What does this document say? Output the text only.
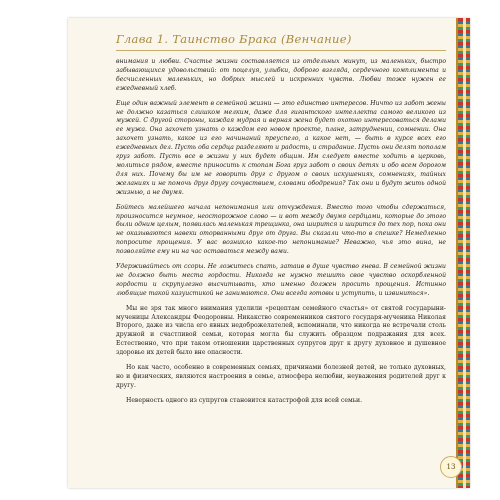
Глава 1. Таинство Брака (Венчание)

внимания и любви. Счастье жизни составляется из отдельных минут, из маленьких, быстро забывающихся удовольствий: от поцелуя, улыбки, доброго взгляда, сердечного комплимента и бесчисленных маленьких, но добрых мыслей и искренних чувств. Любви тоже нужен ее ежедневный хлеб.

Еще один важный элемент в семейной жизни — это единство интересов. Ничто из забот жены не должно казаться слишком мелким, даже для гигантского интеллекта самого великого из мужей. С другой стороны, каждая мудрая и верная жена будет охотно интересоваться делами ее мужа. Она захочет узнать о каждом его новом проекте, плане, затруднении, сомнении. Она захочет узнать, какое из его начинаний преуспело, а какое нет, — быть в курсе всех его ежедневных дел. Пусть оба сердца разделяют и радость, и страдание. Пусть они делят пополам груз забот. Пусть все в жизни у них будет общим. Им следует вместе ходить в церковь, молиться рядом, вместе приносить к стопам Бога груз забот о своих детях и обо всем дорогом для них. Почему бы им не говорить друг с другом о своих искушениях, сомнениях, тайных желаниях и не помочь друг другу сочувствием, словами ободрения? Так они и будут жить одной жизнью, а не двумя.

Бойтесь малейшего начала непонимания или отчуждения. Вместо того чтобы сдержаться, произносится неумное, неосторожное слово — и вот между двумя сердцами, которые до этого были одним целым, появилась маленькая трещинка, она ширится и ширится до тех пор, пока они не оказываются навеки оторванными друг от друга. Вы сказали что-то в спешке? Немедленно попросите прощения. У вас возникло какое-то непонимание? Неважно, чья это вина, не позволяйте ему ни на час оставаться между вами.

Удерживайтесь от ссоры. Не ложитесь спать, затаив в душе чувство гнева. В семейной жизни не должно быть места гордости. Никогда не нужно тешить свое чувство оскорбленной гордости и скрупулезно высчитывать, кто именно должен просить прощения. Истинно любящие такой казуистикой не занимаются. Они всегда готовы и уступить, и извиниться».

Мы не зря так много внимания уделили «рецептам семейного счастья» от святой государыни-мученицы Александры Феодоровны. Никакство современников святого государя-мученика Николая Второго, даже из числа его явных недоброжелателей, вспоминали, что никогда не встречали столь дружной и счастливой семьи, которая могла бы служить образцом подражания для всех. Естественно, что при таком отношении царственных супругов друг к другу духовное и душевное здоровье их детей было вне опасности.

Но как часто, особенно в современных семьях, причинами болезней детей, не только духовных, но и физических, являются настроения в семье, атмосфера нелюбви, неуважения родителей друг к другу.

Неверность одного из супругов становится катастрофой для всей семьи.

13
